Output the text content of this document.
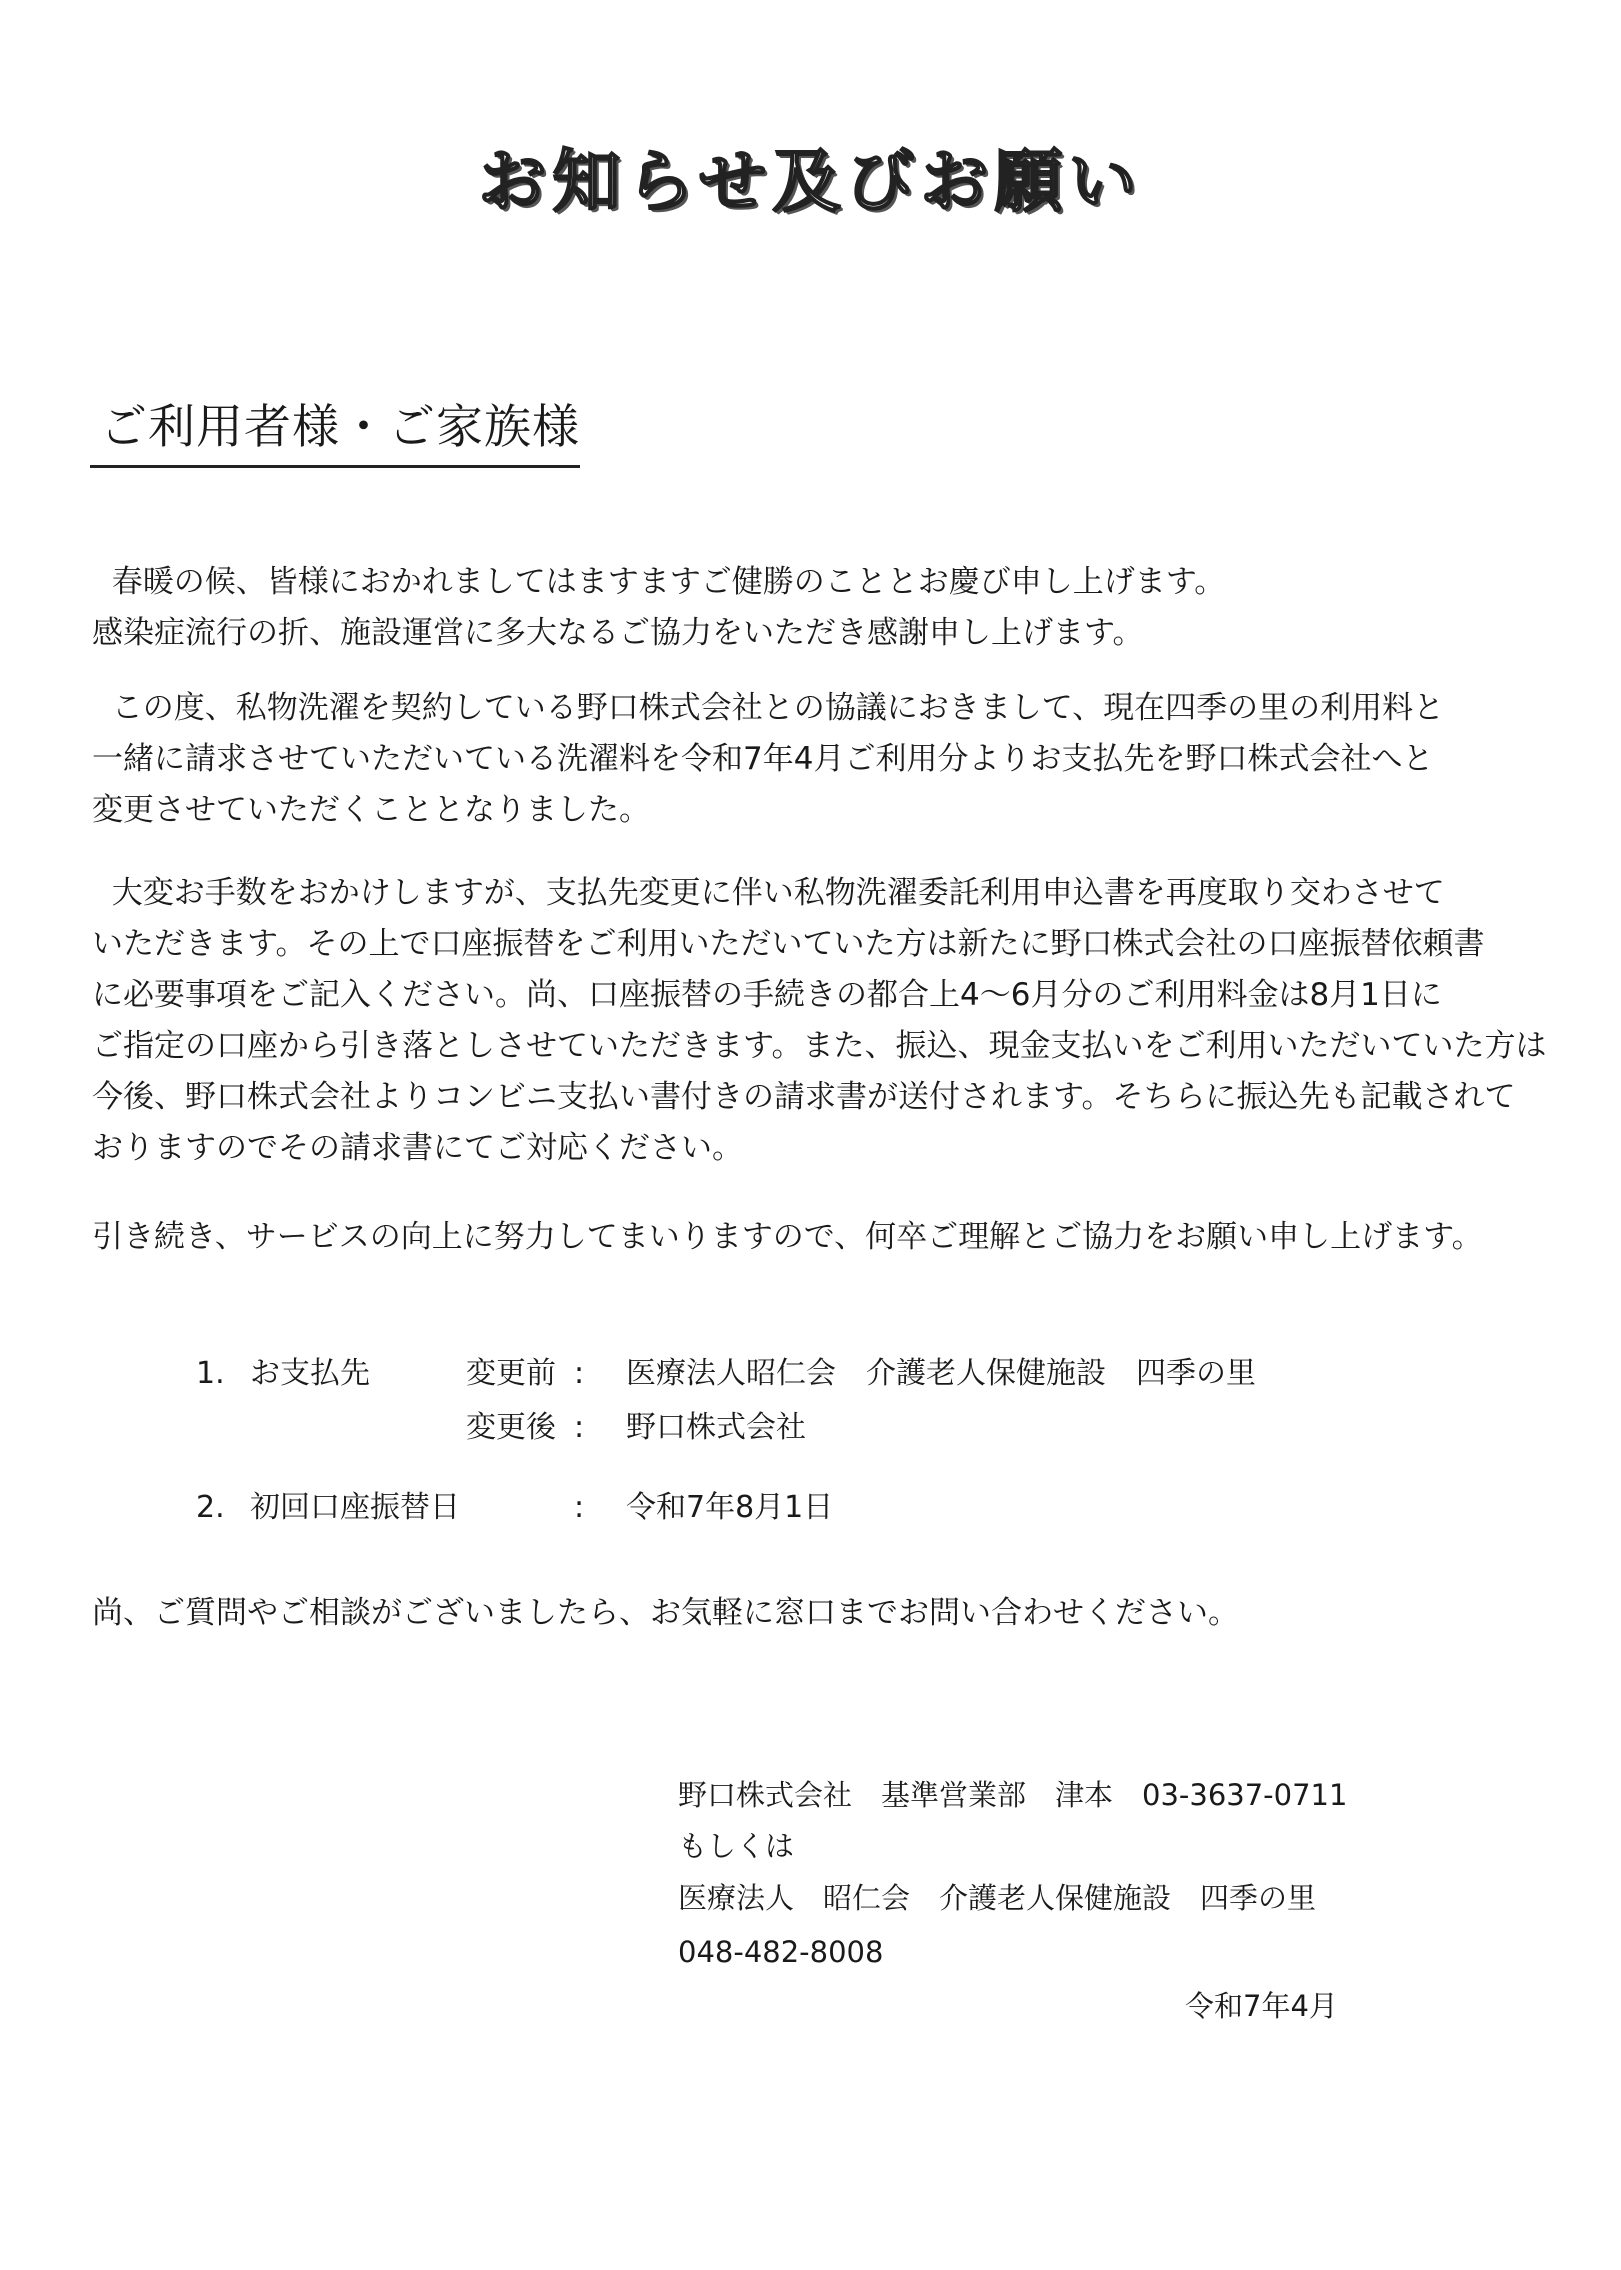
お知らせ及びお願い
ご利用者様・ご家族様
春暖の候、皆様におかれましてはますますご健勝のこととお慶び申し上げます。
感染症流行の折、施設運営に多大なるご協力をいただき感謝申し上げます。
この度、私物洗濯を契約している野口株式会社との協議におきまして、現在四季の里の利用料と
一緒に請求させていただいている洗濯料を令和7年4月ご利用分よりお支払先を野口株式会社へと
変更させていただくこととなりました。
大変お手数をおかけしますが、支払先変更に伴い私物洗濯委託利用申込書を再度取り交わさせて
いただきます。その上で口座振替をご利用いただいていた方は新たに野口株式会社の口座振替依頼書
に必要事項をご記入ください。尚、口座振替の手続きの都合上4～6月分のご利用料金は8月1日に
ご指定の口座から引き落としさせていただきます。また、振込、現金支払いをご利用いただいていた方は
今後、野口株式会社よりコンビニ支払い書付きの請求書が送付されます。そちらに振込先も記載されて
おりますのでその請求書にてご対応ください。
引き続き、サービスの向上に努力してまいりますので、何卒ご理解とご協力をお願い申し上げます。
1. お支払先	変更前 : 医療法人昭仁会　介護老人保健施設　四季の里
変更後 : 野口株式会社
2. 初回口座振替日	: 令和7年8月1日
尚、ご質問やご相談がございましたら、お気軽に窓口までお問い合わせください。
野口株式会社　基準営業部　津本　03-3637-0711
もしくは
医療法人　昭仁会　介護老人保健施設　四季の里
048-482-8008
令和7年4月
